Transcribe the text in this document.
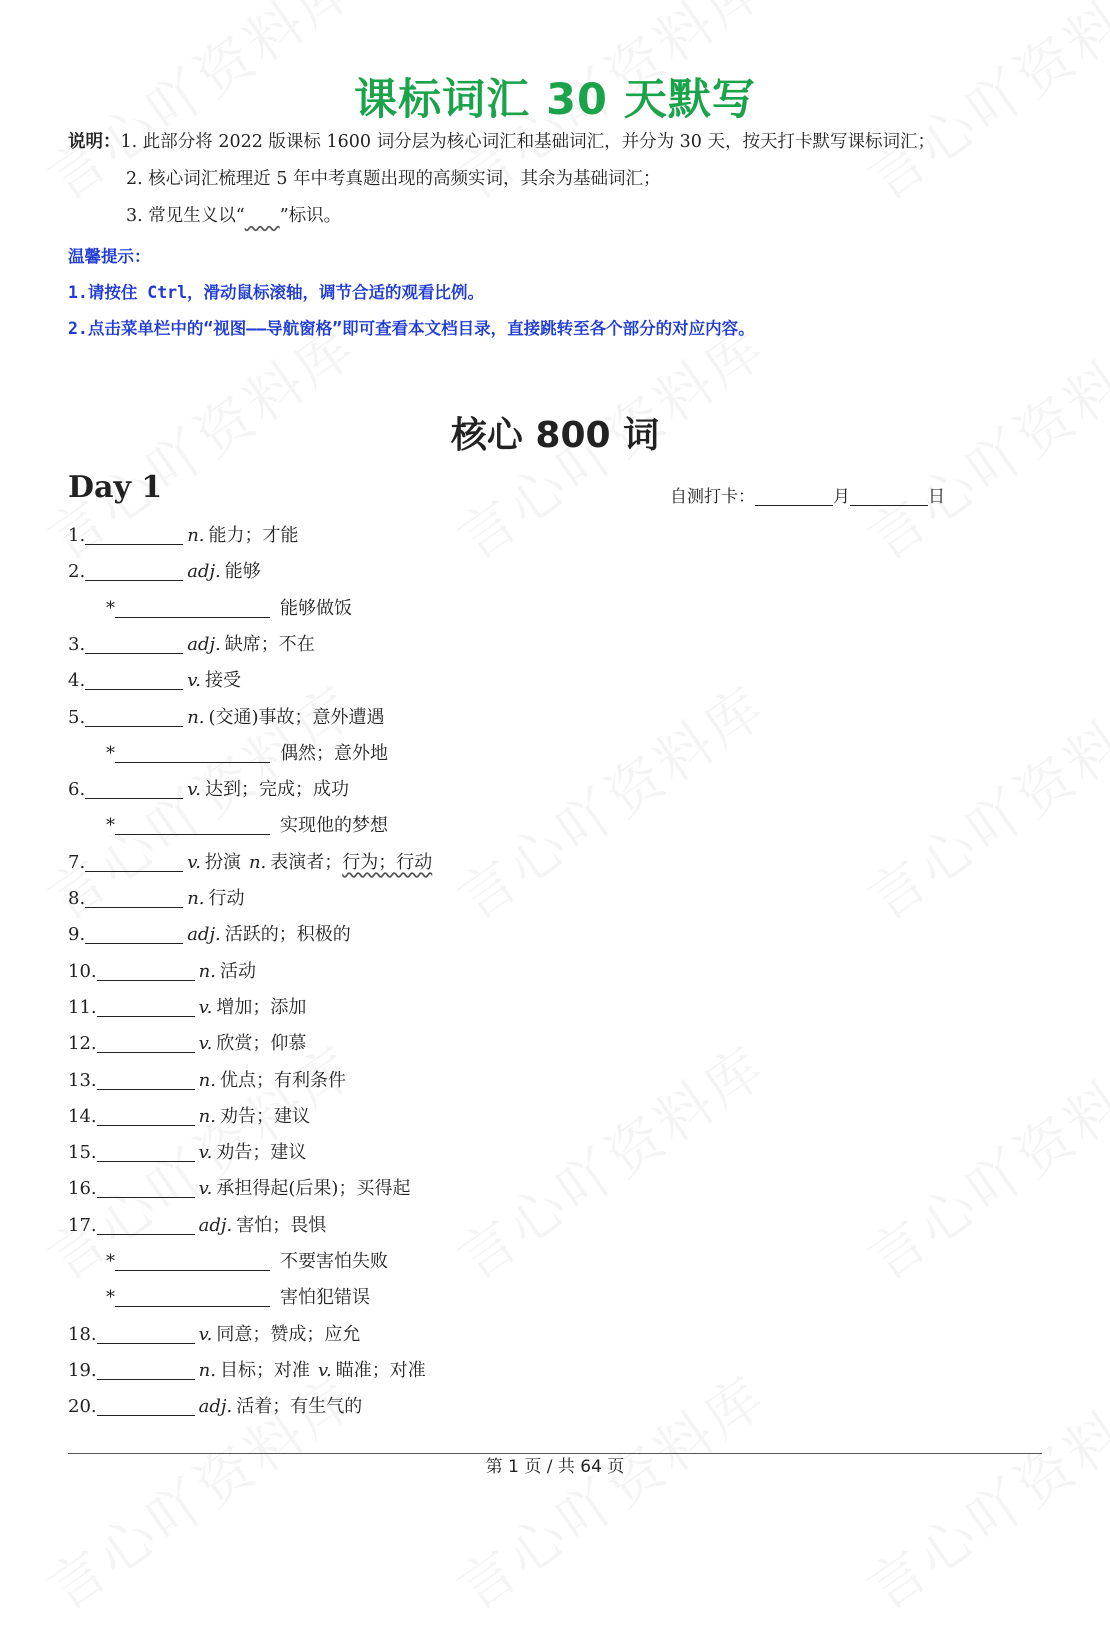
课标词汇 30 天默写
说明：1. 此部分将 2022 版课标 1600 词分层为核心词汇和基础词汇，并分为 30 天，按天打卡默写课标词汇；
2. 核心词汇梳理近 5 年中考真题出现的高频实词，其余为基础词汇；
3. 常见生义以“ ”标识。
温馨提示：
1.请按住 Ctrl，滑动鼠标滚轴，调节合适的观看比例。
2.点击菜单栏中的“视图——导航窗格”即可查看本文档目录，直接跳转至各个部分的对应内容。
核心 800 词
Day 1	自测打卡：	月	日
1.	n. 能力；才能
2.	adj. 能够
*	能够做饭
3.	adj. 缺席；不在
4.	v. 接受
5.	n. (交通)事故；意外遭遇
*	偶然；意外地
6.	v. 达到；完成；成功
*	实现他的梦想
7.	v. 扮演 n. 表演者；行为；行动
8.	n. 行动
9.	adj. 活跃的；积极的
10.	n. 活动
11.	v. 增加；添加
12.	v. 欣赏；仰慕
13.	n. 优点；有利条件
14.	n. 劝告；建议
15.	v. 劝告；建议
16.	v. 承担得起(后果)；买得起
17.	adj. 害怕；畏惧
*	不要害怕失败
*	害怕犯错误
18.	v. 同意；赞成；应允
19.	n. 目标；对准 v. 瞄准；对准
20.	adj. 活着；有生气的
第 1 页 / 共 64 页
